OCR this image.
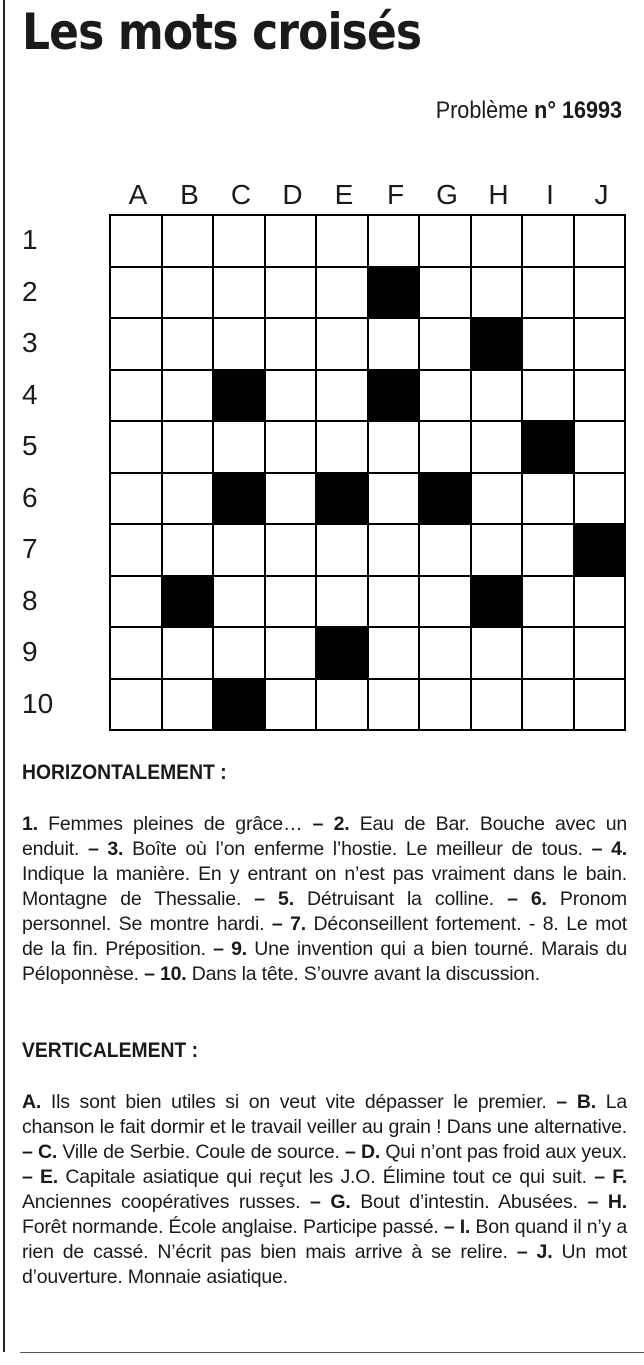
Les mots croisés
Problème n° 16993
A	B	C	D	E	F	G	H	I	J
1
2
3
4
5
6
7
8
9
10
HORIZONTALEMENT :
1. Femmes pleines de grâce… – 2. Eau de Bar. Bouche avec un enduit. – 3. Boîte où l’on enferme l’hostie. Le meilleur de tous. – 4. Indique la manière. En y entrant on n’est pas vraiment dans le bain. Montagne de Thessalie. – 5. Détruisant la colline. – 6. Pronom personnel. Se montre hardi. – 7. Déconseillent fortement. - 8. Le mot de la fin. Préposition. – 9. Une invention qui a bien tourné. Marais du Péloponnèse. – 10. Dans la tête. S’ouvre avant la discussion.
VERTICALEMENT :
A. Ils sont bien utiles si on veut vite dépasser le premier. – B. La chanson le fait dormir et le travail veiller au grain ! Dans une alternative. – C. Ville de Serbie. Coule de source. – D. Qui n’ont pas froid aux yeux. – E. Capitale asiatique qui reçut les J.O. Élimine tout ce qui suit. – F. Anciennes coopératives russes. – G. Bout d’intestin. Abusées. – H. Forêt normande. École anglaise. Participe passé. – I. Bon quand il n’y a rien de cassé. N’écrit pas bien mais arrive à se relire. – J. Un mot d’ouverture. Monnaie asiatique.
